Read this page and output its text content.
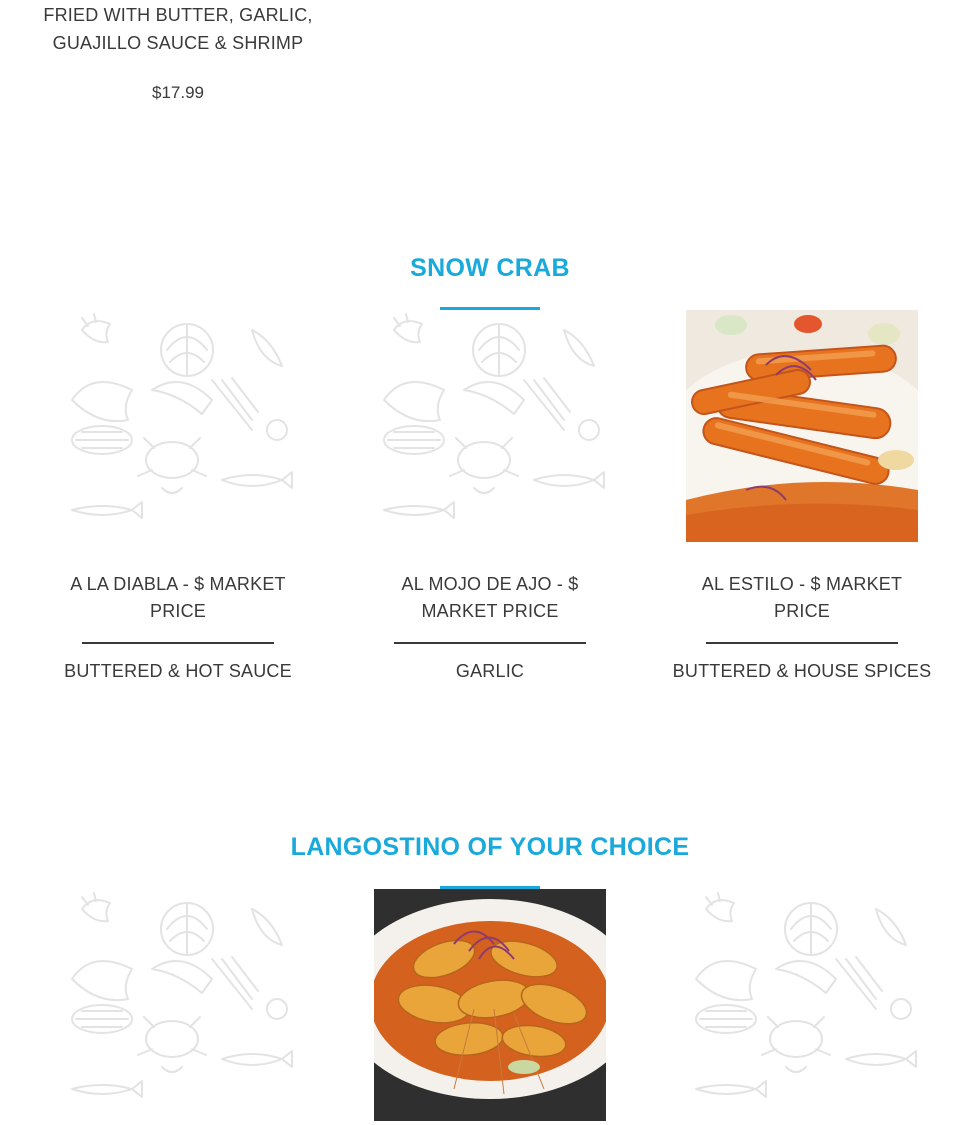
FRIED WITH BUTTER, GARLIC, GUAJILLO SAUCE & SHRIMP
$17.99
SNOW CRAB
A LA DIABLA - $ MARKET PRICE
BUTTERED & HOT SAUCE
AL MOJO DE AJO - $ MARKET PRICE
GARLIC
AL ESTILO - $ MARKET PRICE
BUTTERED & HOUSE SPICES
LANGOSTINO OF YOUR CHOICE
